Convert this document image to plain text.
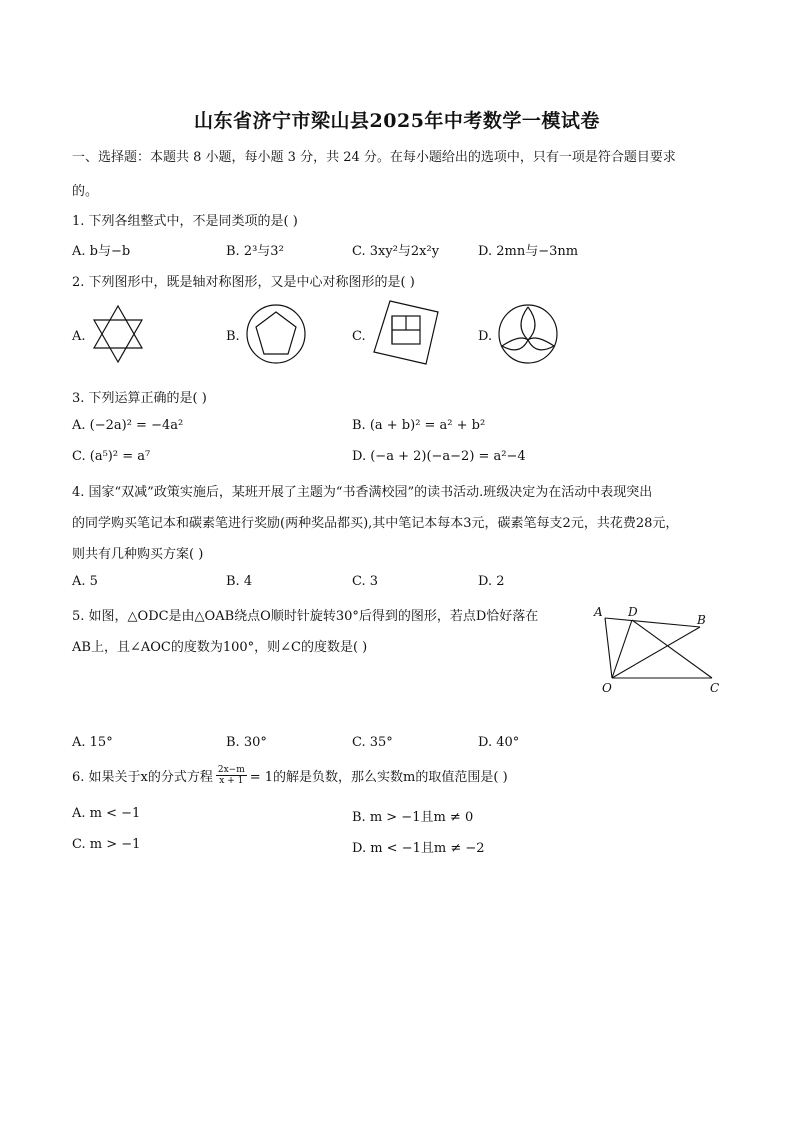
山东省济宁市梁山县2025年中考数学一模试卷
一、选择题：本题共 8 小题，每小题 3 分，共 24 分。在每小题给出的选项中，只有一项是符合题目要求
的。
1. 下列各组整式中，不是同类项的是( )
A. b与−b	B. 2³与3²	C. 3xy²与2x²y	D. 2mn与−3nm
2. 下列图形中，既是轴对称图形，又是中心对称图形的是( )
A.	B.	C.	D.
3. 下列运算正确的是( )
A. (−2a)² = −4a²	B. (a + b)² = a² + b²
C. (a⁵)² = a⁷	D. (−a + 2)(−a−2) = a²−4
4. 国家“双减”政策实施后，某班开展了主题为“书香满校园”的读书活动.班级决定为在活动中表现突出
的同学购买笔记本和碳素笔进行奖励(两种奖品都买),其中笔记本每本3元，碳素笔每支2元，共花费28元，
则共有几种购买方案( )
A. 5	B. 4	C. 3	D. 2
5. 如图，△ODC是由△OAB绕点O顺时针旋转30°后得到的图形，若点D恰好落在
AB上，且∠AOC的度数为100°，则∠C的度数是( )
A D
B
O	C
A. 15°	B. 30°	C. 35°	D. 40°
6. 如果关于x的分式方程 $\frac{2x-m}{x + 1} = 1$的解是负数，那么实数m的取值范围是( )
A. m < −1	B. m > −1且m ≠ 0
C. m > −1	D. m < −1且m ≠ −2
